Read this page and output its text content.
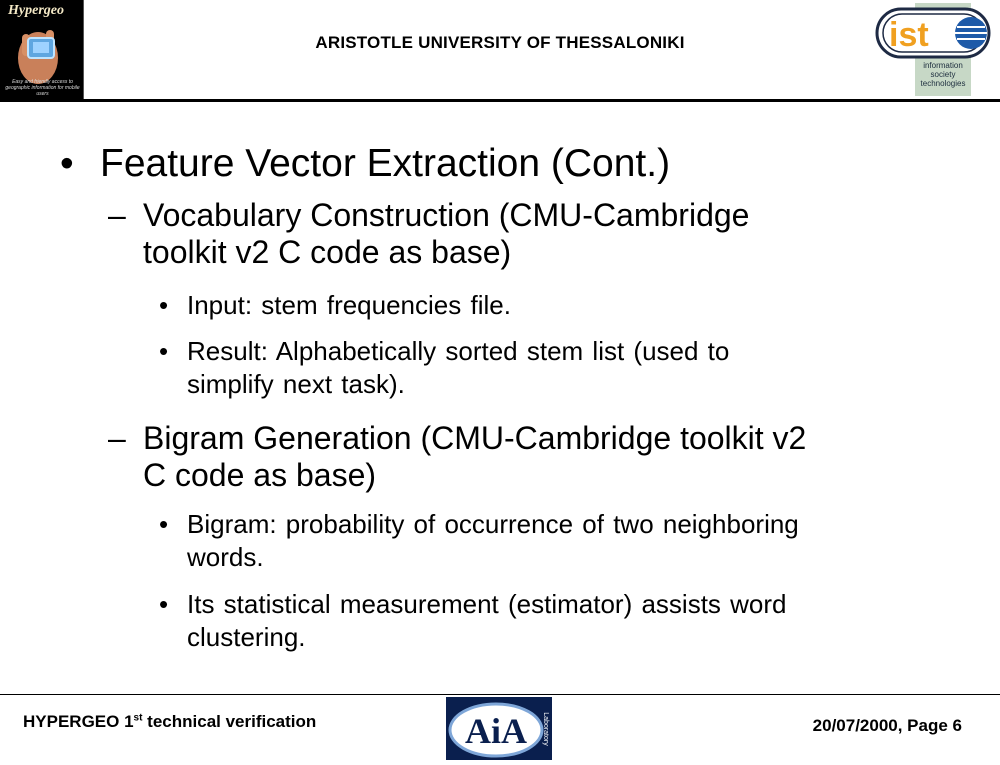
Hypergeo
Easy and friendly access to geographic information for mobile users
ARISTOTLE UNIVERSITY OF THESSALONIKI	ist
information
society
technologies
• Feature Vector Extraction (Cont.)
– Vocabulary Construction (CMU-Cambridge
toolkit v2 C code as base)
• Input: stem frequencies file.
• Result: Alphabetically sorted stem list (used to
simplify next task).
– Bigram Generation (CMU-Cambridge toolkit v2
C code as base)
• Bigram: probability of occurrence of two neighboring
words.
• Its statistical measurement (estimator) assists word
clustering.
HYPERGEO 1st technical verification	AiA Laboratory	20/07/2000, Page 6
